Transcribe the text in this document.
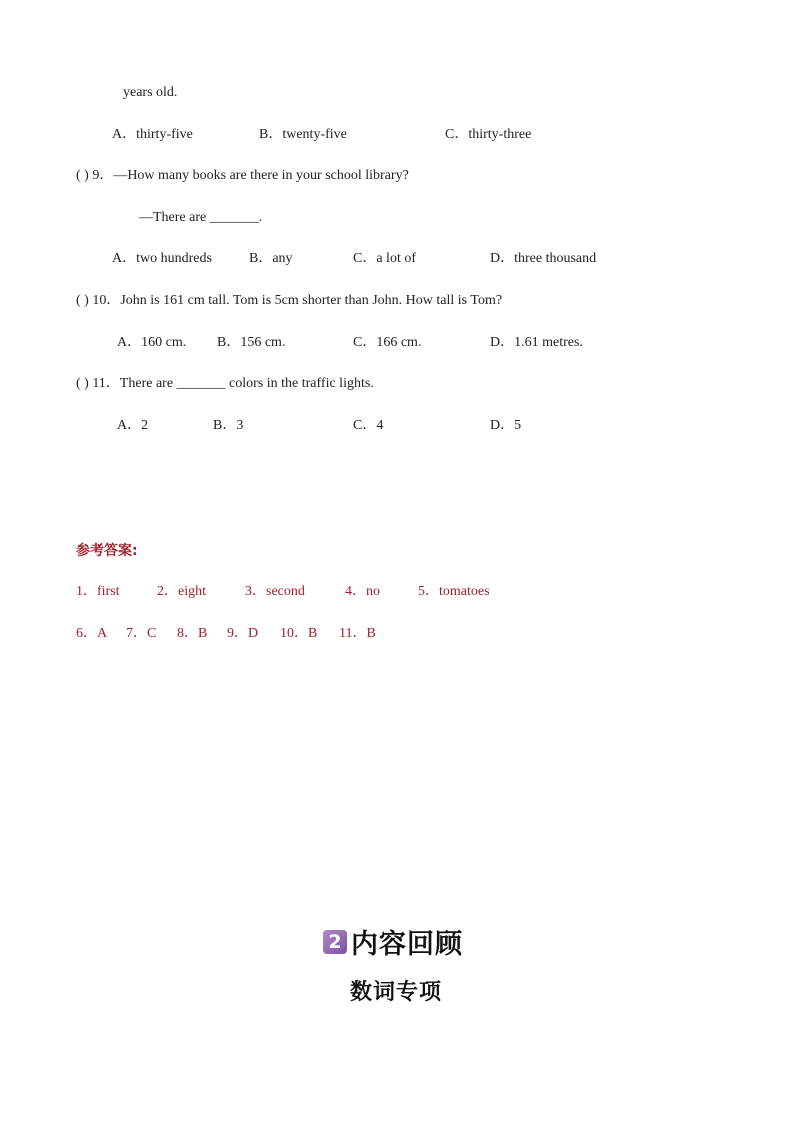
years old.
A．thirty-five	B．twenty-five	C．thirty-three
( ) 9．—How many books are there in your school library?
—There are _______.
A．two hundreds	B．any	C．a lot of	D．three thousand
( ) 10．John is 161 cm tall. Tom is 5cm shorter than John. How tall is Tom?
A．160 cm. B．156 cm.	C．166 cm.	D．1.61 metres.
( ) 11．There are _______ colors in the traffic lights.
A．2	B．3	C．4	D．5
参考答案:
1．first	2．eight	3．second	4．no	5．tomatoes
6．A 7．C 8．B 9．D 10．B 11．B
2 内容回顾
数词专项
